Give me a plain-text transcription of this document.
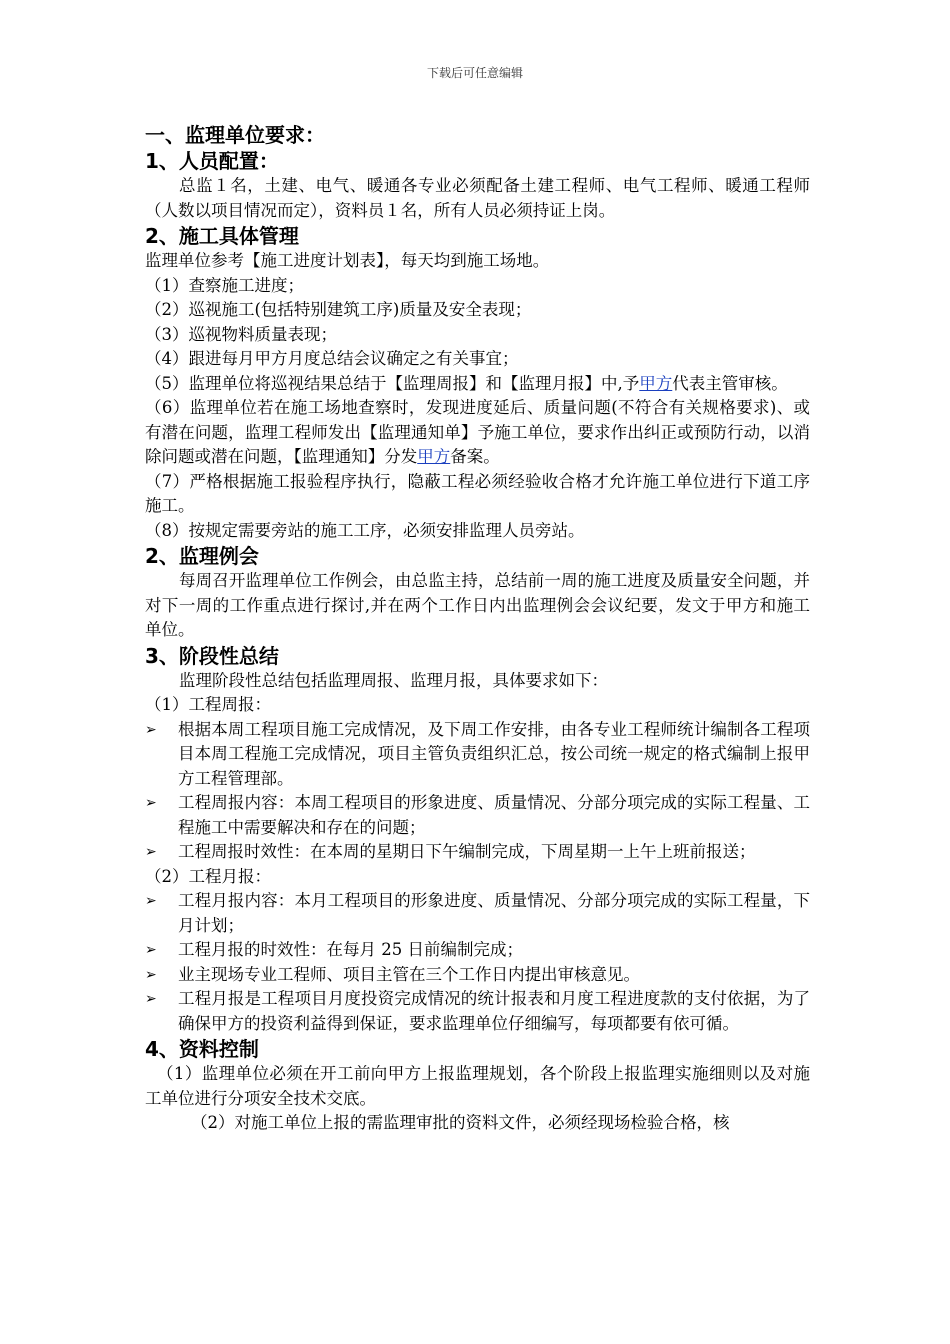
下载后可任意编辑

一、监理单位要求：

1、人员配置：

总监１名，土建、电气、暖通各专业必须配备土建工程师、电气工程师、暖通工程师（人数以项目情况而定），资料员１名，所有人员必须持证上岗。

2、施工具体管理

监理单位参考【施工进度计划表】，每天均到施工场地。

（1）查察施工进度；

（2）巡视施工(包括特别建筑工序)质量及安全表现；

（3）巡视物料质量表现；

（4）跟进每月甲方月度总结会议确定之有关事宜；

（5）监理单位将巡视结果总结于【监理周报】和【监理月报】中,予甲方代表主管审核。

（6）监理单位若在施工场地查察时，发现进度延后、质量问题(不符合有关规格要求)、或有潜在问题，监理工程师发出【监理通知单】予施工单位，要求作出纠正或预防行动，以消除问题或潜在问题，【监理通知】分发甲方备案。

（7）严格根据施工报验程序执行，隐蔽工程必须经验收合格才允许施工单位进行下道工序施工。

（8）按规定需要旁站的施工工序，必须安排监理人员旁站。

2、监理例会

每周召开监理单位工作例会，由总监主持，总结前一周的施工进度及质量安全问题，并对下一周的工作重点进行探讨,并在两个工作日内出监理例会会议纪要，发文于甲方和施工单位。

3、阶段性总结

监理阶段性总结包括监理周报、监理月报，具体要求如下：

（1）工程周报：

➢ 根据本周工程项目施工完成情况，及下周工作安排，由各专业工程师统计编制各工程项目本周工程施工完成情况，项目主管负责组织汇总，按公司统一规定的格式编制上报甲方工程管理部。
➢ 工程周报内容：本周工程项目的形象进度、质量情况、分部分项完成的实际工程量、工程施工中需要解决和存在的问题；
➢ 工程周报时效性：在本周的星期日下午编制完成，下周星期一上午上班前报送；

（2）工程月报：

➢ 工程月报内容：本月工程项目的形象进度、质量情况、分部分项完成的实际工程量，下月计划；
➢ 工程月报的时效性：在每月 25 日前编制完成；
➢ 业主现场专业工程师、项目主管在三个工作日内提出审核意见。
➢ 工程月报是工程项目月度投资完成情况的统计报表和月度工程进度款的支付依据，为了确保甲方的投资利益得到保证，要求监理单位仔细编写，每项都要有依可循。

4、资料控制

（1）监理单位必须在开工前向甲方上报监理规划，各个阶段上报监理实施细则以及对施工单位进行分项安全技术交底。

（2）对施工单位上报的需监理审批的资料文件，必须经现场检验合格，核
